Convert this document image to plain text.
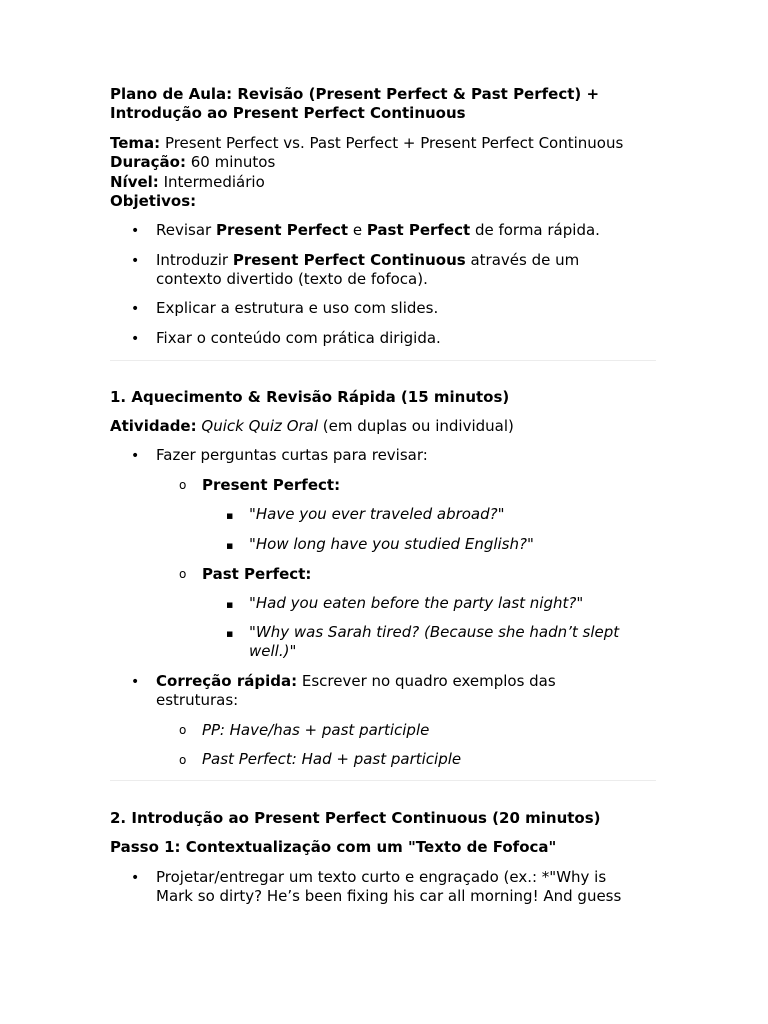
Plano de Aula: Revisão (Present Perfect & Past Perfect) + Introdução ao Present Perfect Continuous
Tema: Present Perfect vs. Past Perfect + Present Perfect Continuous
Duração: 60 minutos
Nível: Intermediário
Objetivos:
• Revisar Present Perfect e Past Perfect de forma rápida.
• Introduzir Present Perfect Continuous através de um contexto divertido (texto de fofoca).
• Explicar a estrutura e uso com slides.
• Fixar o conteúdo com prática dirigida.
1. Aquecimento & Revisão Rápida (15 minutos)
Atividade: Quick Quiz Oral (em duplas ou individual)
• Fazer perguntas curtas para revisar:
o Present Perfect:
▪ "Have you ever traveled abroad?"
▪ "How long have you studied English?"
o Past Perfect:
▪ "Had you eaten before the party last night?"
▪ "Why was Sarah tired? (Because she hadn’t slept well.)"
• Correção rápida: Escrever no quadro exemplos das estruturas:
o PP: Have/has + past participle
o Past Perfect: Had + past participle
2. Introdução ao Present Perfect Continuous (20 minutos)
Passo 1: Contextualização com um "Texto de Fofoca"
• Projetar/entregar um texto curto e engraçado (ex.: *"Why is Mark so dirty? He’s been fixing his car all morning! And guess
